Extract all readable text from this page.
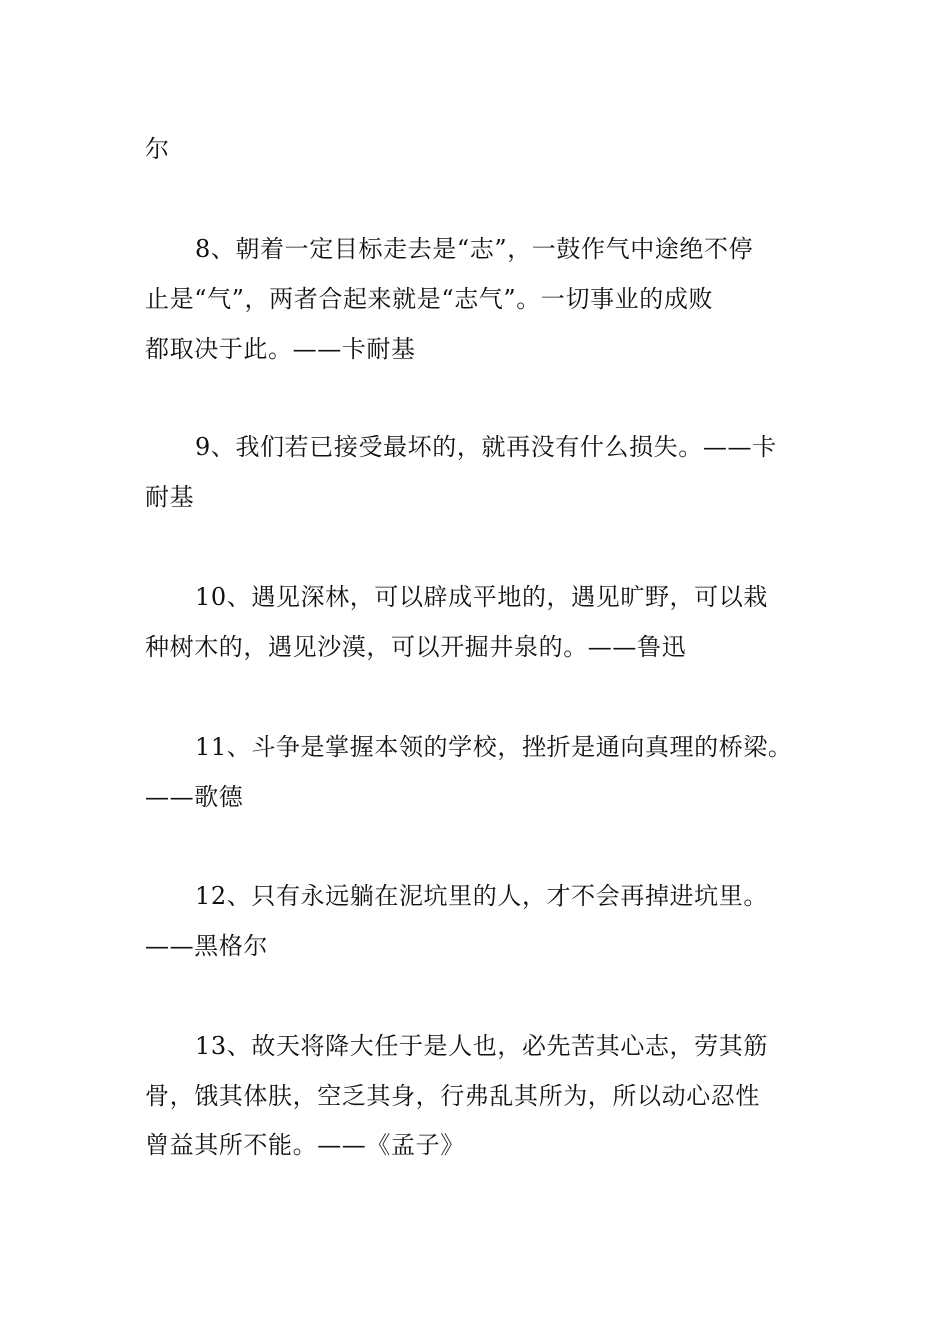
尔
8、朝着一定目标走去是“志”，一鼓作气中途绝不停
止是“气”，两者合起来就是“志气”。一切事业的成败
都取决于此。——卡耐基
9、我们若已接受最坏的，就再没有什么损失。——卡
耐基
10、遇见深林，可以辟成平地的，遇见旷野，可以栽
种树木的，遇见沙漠，可以开掘井泉的。——鲁迅
11、斗争是掌握本领的学校，挫折是通向真理的桥梁。
——歌德
12、只有永远躺在泥坑里的人，才不会再掉进坑里。
——黑格尔
13、故天将降大任于是人也，必先苦其心志，劳其筋
骨，饿其体肤，空乏其身，行弗乱其所为，所以动心忍性
曾益其所不能。——《孟子》
